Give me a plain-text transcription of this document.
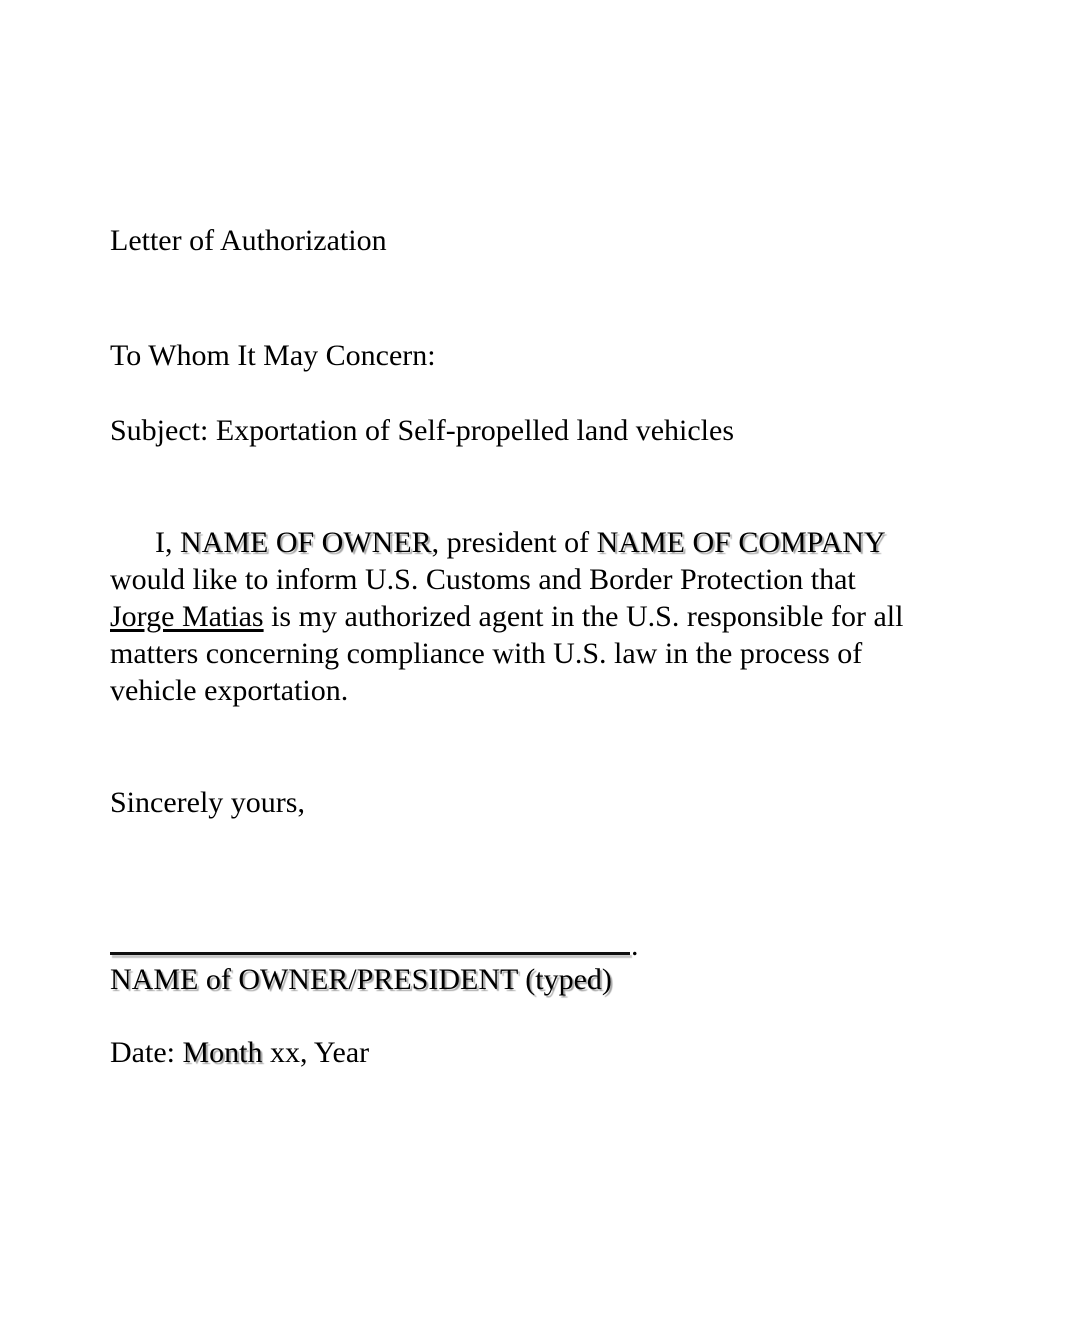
Letter of Authorization
To Whom It May Concern:
Subject: Exportation of Self-propelled land vehicles

I, NAME OF OWNER, president of NAME OF COMPANY
would like to inform U.S. Customs and Border Protection that
Jorge Matias is my authorized agent in the U.S. responsible for all
matters concerning compliance with U.S. law in the process of
vehicle exportation.

Sincerely yours,
.
NAME of OWNER/PRESIDENT (typed)
Date: Month xx, Year
